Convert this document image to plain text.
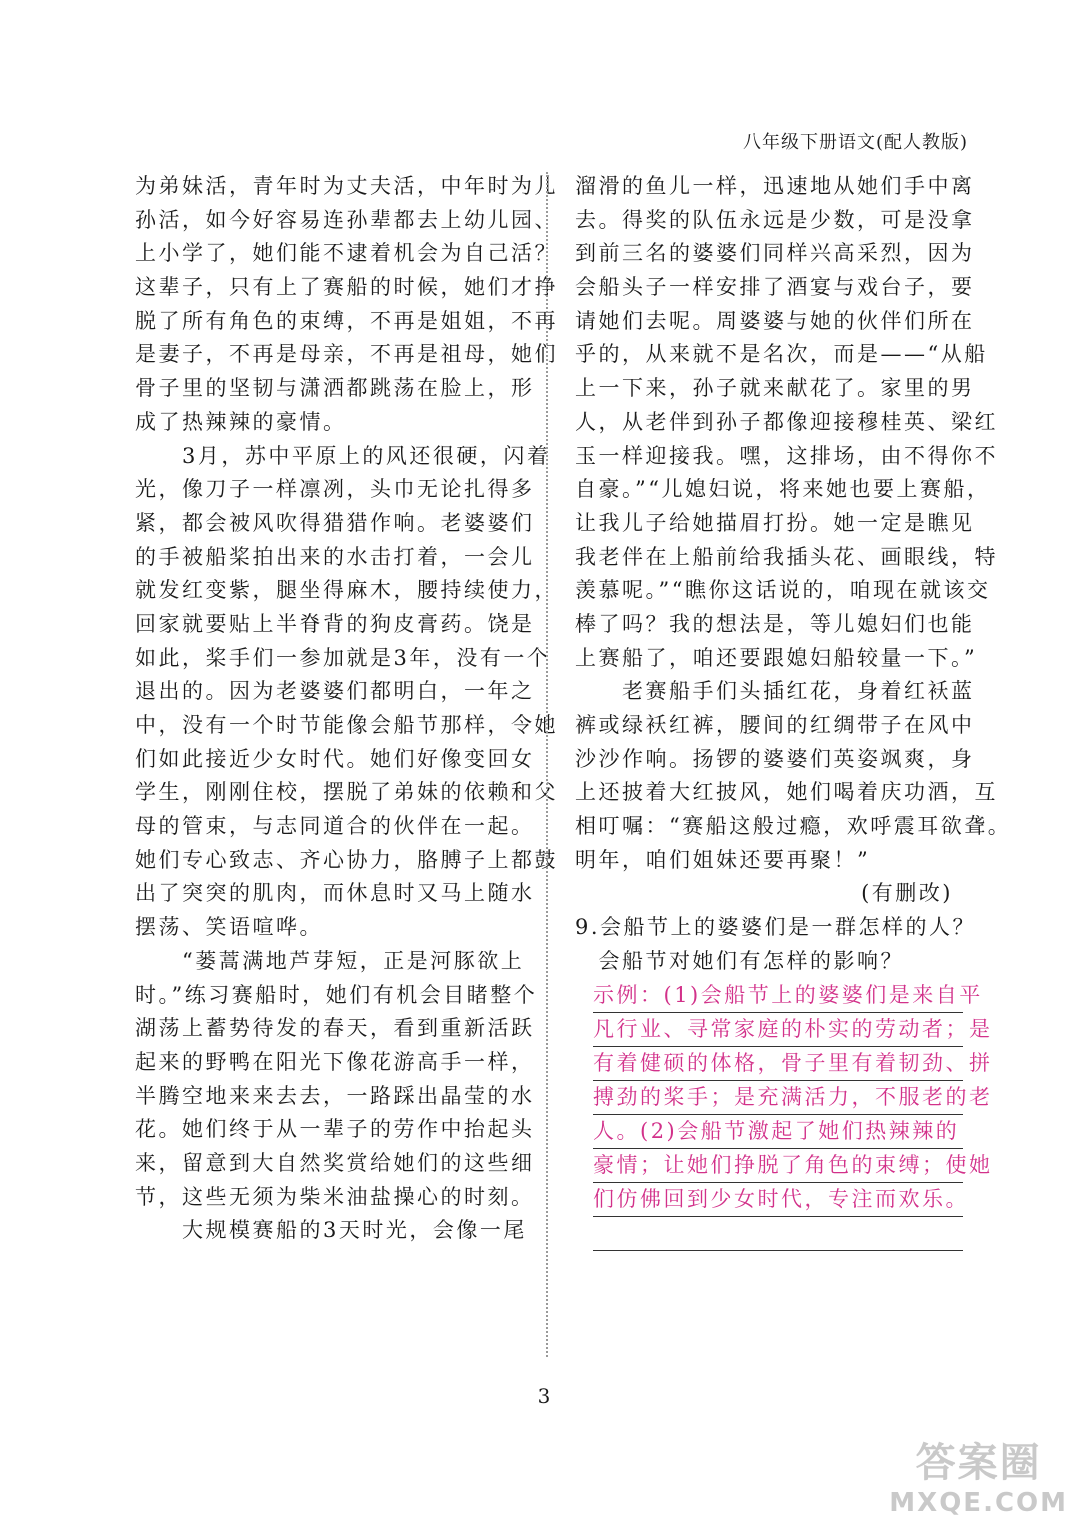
八年级下册语文(配人教版)
为弟妹活，青年时为丈夫活，中年时为儿
孙活，如今好容易连孙辈都去上幼儿园、
上小学了，她们能不逮着机会为自己活？
这辈子，只有上了赛船的时候，她们才挣
脱了所有角色的束缚，不再是姐姐，不再
是妻子，不再是母亲，不再是祖母，她们
骨子里的坚韧与潇洒都跳荡在脸上，形
成了热辣辣的豪情。
　　3月，苏中平原上的风还很硬，闪着
光，像刀子一样凛冽，头巾无论扎得多
紧，都会被风吹得猎猎作响。老婆婆们
的手被船桨拍出来的水击打着，一会儿
就发红变紫，腿坐得麻木，腰持续使力，
回家就要贴上半脊背的狗皮膏药。饶是
如此，桨手们一参加就是3年，没有一个
退出的。因为老婆婆们都明白，一年之
中，没有一个时节能像会船节那样，令她
们如此接近少女时代。她们好像变回女
学生，刚刚住校，摆脱了弟妹的依赖和父
母的管束，与志同道合的伙伴在一起。
她们专心致志、齐心协力，胳膊子上都鼓
出了突突的肌肉，而休息时又马上随水
摆荡、笑语喧哗。
　　“蒌蒿满地芦芽短，正是河豚欲上
时。”练习赛船时，她们有机会目睹整个
湖荡上蓄势待发的春天，看到重新活跃
起来的野鸭在阳光下像花游高手一样，
半腾空地来来去去，一路踩出晶莹的水
花。她们终于从一辈子的劳作中抬起头
来，留意到大自然奖赏给她们的这些细
节，这些无须为柴米油盐操心的时刻。
　　大规模赛船的3天时光，会像一尾
溜滑的鱼儿一样，迅速地从她们手中离
去。得奖的队伍永远是少数，可是没拿
到前三名的婆婆们同样兴高采烈，因为
会船头子一样安排了酒宴与戏台子，要
请她们去呢。周婆婆与她的伙伴们所在
乎的，从来就不是名次，而是——“从船
上一下来，孙子就来献花了。家里的男
人，从老伴到孙子都像迎接穆桂英、梁红
玉一样迎接我。嘿，这排场，由不得你不
自豪。”“儿媳妇说，将来她也要上赛船，
让我儿子给她描眉打扮。她一定是瞧见
我老伴在上船前给我插头花、画眼线，特
羡慕呢。”“瞧你这话说的，咱现在就该交
棒了吗？我的想法是，等儿媳妇们也能
上赛船了，咱还要跟媳妇船较量一下。”
　　老赛船手们头插红花，身着红袄蓝
裤或绿袄红裤，腰间的红绸带子在风中
沙沙作响。扬锣的婆婆们英姿飒爽，身
上还披着大红披风，她们喝着庆功酒，互
相叮嘱：“赛船这般过瘾，欢呼震耳欲聋。
明年，咱们姐妹还要再聚！”
(有删改)
9.会船节上的婆婆们是一群怎样的人？
　会船节对她们有怎样的影响？
示例：(1)会船节上的婆婆们是来自平
凡行业、寻常家庭的朴实的劳动者；是
有着健硕的体格，骨子里有着韧劲、拼
搏劲的桨手；是充满活力，不服老的老
人。(2)会船节激起了她们热辣辣的
豪情；让她们挣脱了角色的束缚；使她
们仿佛回到少女时代，专注而欢乐。
3
答案圈
MXQE.COM
